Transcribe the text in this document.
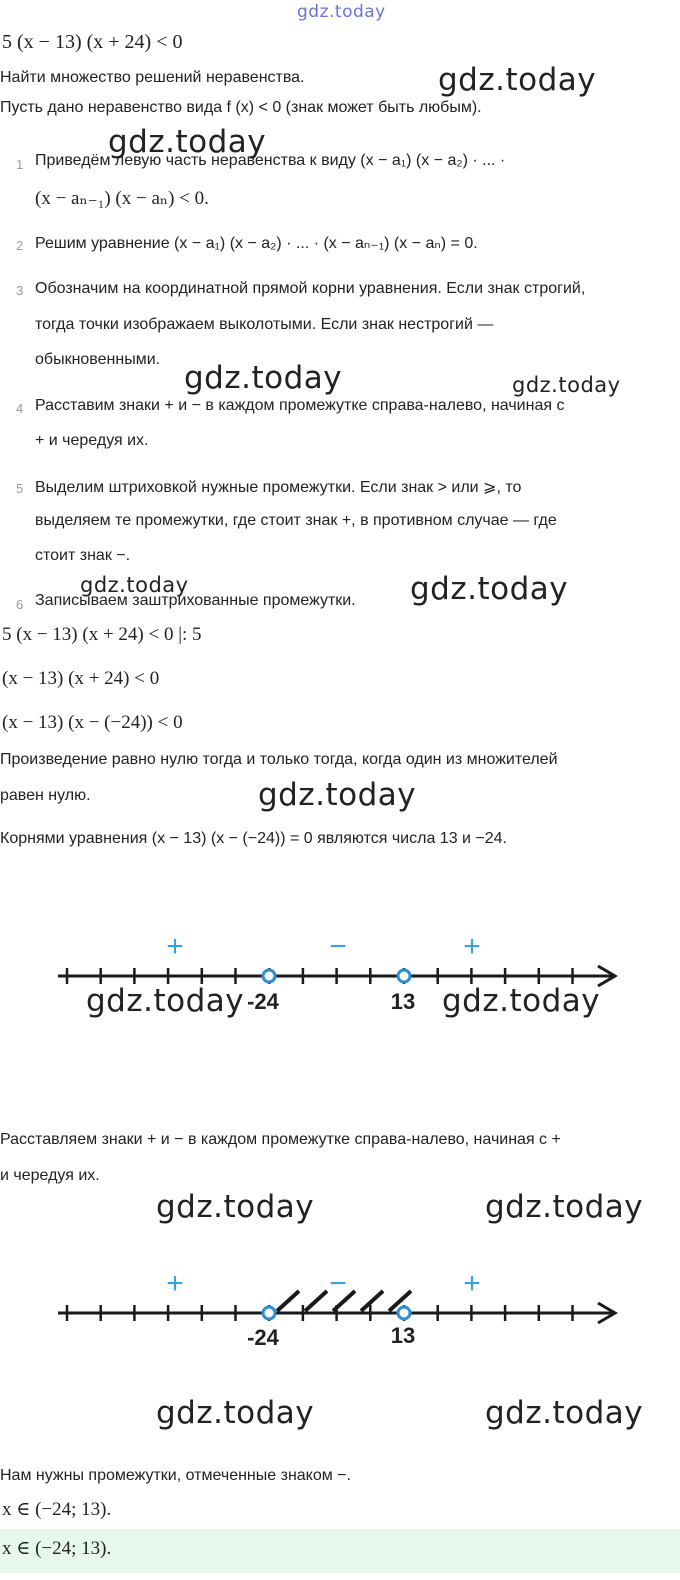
gdz.today
5 (x − 13) (x + 24) < 0
Найти множество решений неравенства.	gdz.today
Пусть дано неравенство вида f (x) < 0 (знак может быть любым).
gdz.today
1 Приведём левую часть неравенства к виду (x − a₁) (x − a₂) · ... ·
(x − aₙ₋₁) (x − aₙ) < 0.
2 Решим уравнение (x − a₁) (x − a₂) · ... · (x − aₙ₋₁) (x − aₙ) = 0.
3 Обозначим на координатной прямой корни уравнения. Если знак строгий,
тогда точки изображаем выколотыми. Если знак нестрогий —
обыкновенными.
gdz.today	gdz.today
4 Расставим знаки + и − в каждом промежутке справа-налево, начиная с
+ и чередуя их.
5 Выделим штриховкой нужные промежутки. Если знак > или ⩾, то
выделяем те промежутки, где стоит знак +, в противном случае — где
стоит знак −.
gdz.today	gdz.today
6 Записываем заштрихованные промежутки.
5 (x − 13) (x + 24) < 0 |: 5
(x − 13) (x + 24) < 0
(x − 13) (x − (−24)) < 0
Произведение равно нулю тогда и только тогда, когда один из множителей
равен нулю.	gdz.today
Корнями уравнения (x − 13) (x − (−24)) = 0 являются числа 13 и −24.
+	−	+
-24	13
gdz.today	gdz.today
Расставляем знаки + и − в каждом промежутке справа-налево, начиная с +
и чередуя их.
gdz.today	gdz.today
+	−	+
-24	13
gdz.today	gdz.today
Нам нужны промежутки, отмеченные знаком −.
x ∈ (−24; 13).
x ∈ (−24; 13).
